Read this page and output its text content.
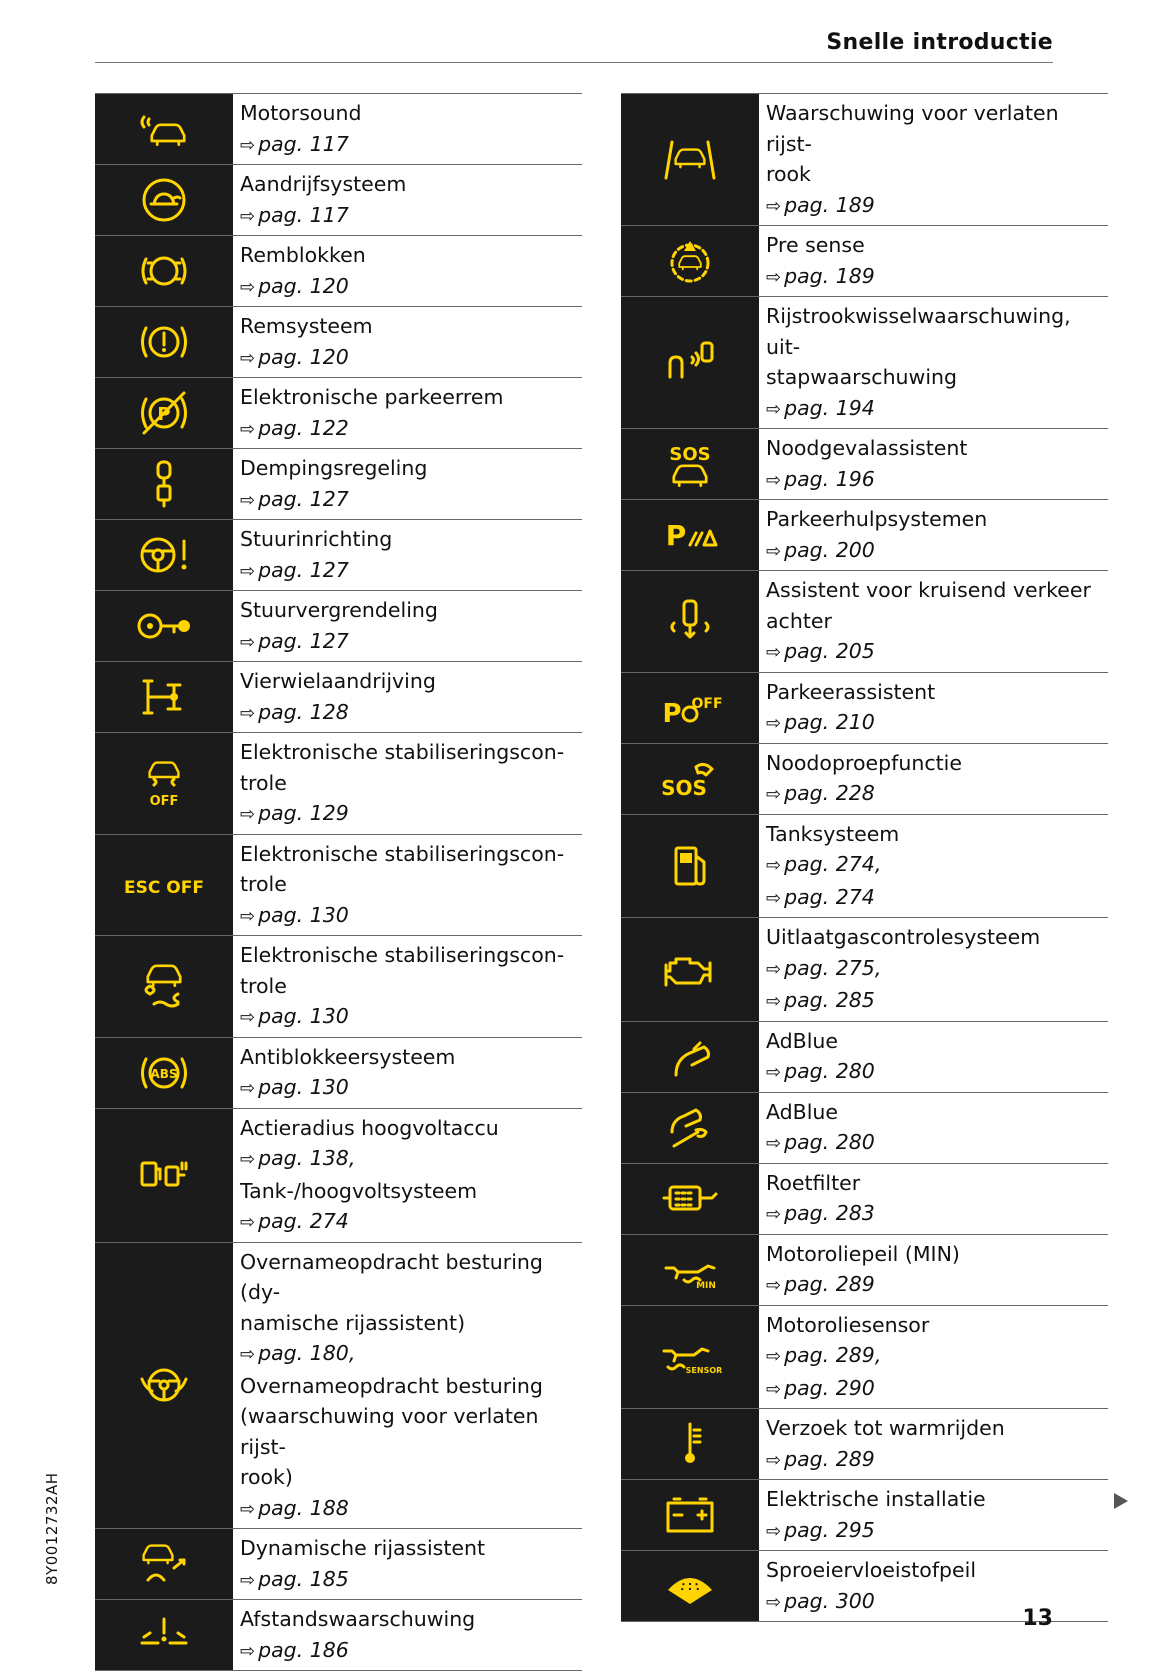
Snelle introductie
Motorsound
⇨ pag. 117
Aandrijfsysteem
⇨ pag. 117
Remblokken
⇨ pag. 120
Remsysteem
⇨ pag. 120
P
Elektronische parkeerrem
⇨ pag. 122
Dempingsregeling
⇨ pag. 127
Stuurinrichting
⇨ pag. 127
Stuurvergrendeling
⇨ pag. 127
Vierwielaandrijving
⇨ pag. 128
OFF
Elektronische stabiliseringscon-
trole
⇨ pag. 129
ESC OFF
Elektronische stabiliseringscon-
trole
⇨ pag. 130
Elektronische stabiliseringscon-
trole
⇨ pag. 130
ABS
Antiblokkeersysteem
⇨ pag. 130
Actieradius hoogvoltaccu
⇨ pag. 138,
Tank-/hoogvoltsysteem
⇨ pag. 274
Overnameopdracht besturing (dy-
namische rijassistent)
⇨ pag. 180,
Overnameopdracht besturing
(waarschuwing voor verlaten rijst-
rook)
⇨ pag. 188
Dynamische rijassistent
⇨ pag. 185
Afstandswaarschuwing
⇨ pag. 186
Waarschuwing voor verlaten rijst-
rook
⇨ pag. 189
Pre sense
⇨ pag. 189
Rijstrookwisselwaarschuwing, uit-
stapwaarschuwing
⇨ pag. 194
SOS	Noodgevalassistent
⇨ pag. 196
P	Parkeerhulpsystemen
⇨ pag. 200
Assistent voor kruisend verkeer
achter
⇨ pag. 205
P OFF Parkeerassistent
⇨ pag. 210
SOS
Noodoproepfunctie
⇨ pag. 228
Tanksysteem
⇨ pag. 274,
⇨ pag. 274
Uitlaatgascontrolesysteem
⇨ pag. 275,
⇨ pag. 285
AdBlue
⇨ pag. 280
AdBlue
⇨ pag. 280
Roetfilter
⇨ pag. 283
MIN
Motoroliepeil (MIN)
⇨ pag. 289
SENSOR
Motoroliesensor
⇨ pag. 289,
⇨ pag. 290
Verzoek tot warmrijden
⇨ pag. 289
Elektrische installatie
⇨ pag. 295
Sproeiervloeistofpeil
⇨ pag. 300
8Y0012732AH
13
